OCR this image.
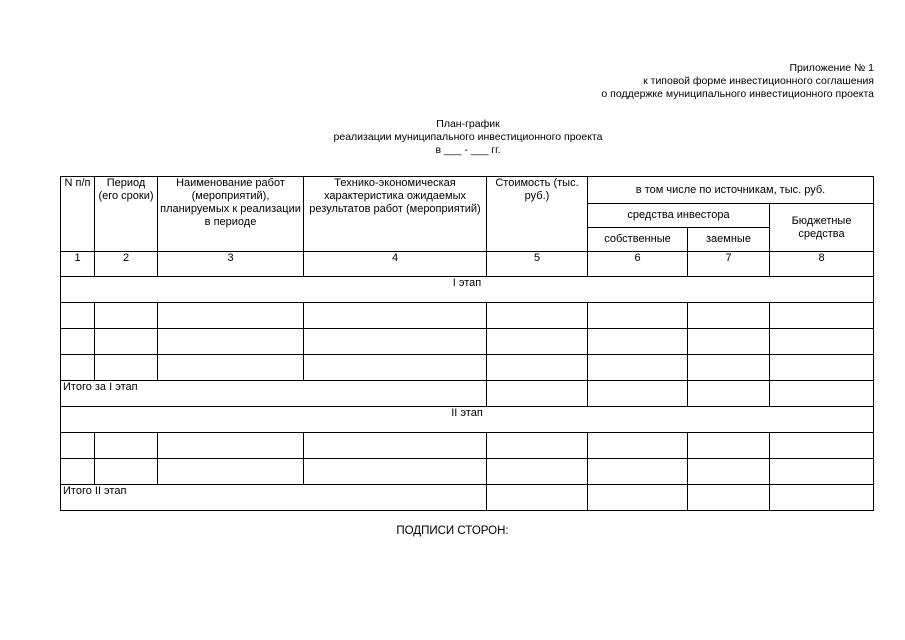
Приложение № 1
к типовой форме инвестиционного соглашения
о поддержке муниципального инвестиционного проекта
План-график
реализации муниципального инвестиционного проекта
в ___ - ___ гг.
N п/п	Период (его сроки)	Наименование работ (мероприятий), планируемых к реализации в периоде	Технико-экономическая характеристика ожидаемых результатов работ (мероприятий)	Стоимость (тыс. руб.)	в том числе по источникам, тыс. руб.		
					средства инвестора		Бюджетные средства
					собственные	заемные	
1	2	3	4	5	6	7	8
I этап							

Итого за I этап							
II этап							

Итого II этап							
ПОДПИСИ СТОРОН:
